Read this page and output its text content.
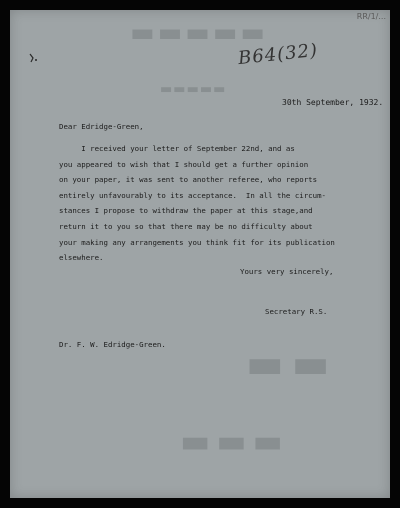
▬▬▬▬▬
▬▬▬▬▬
▬▬
▬▬▬
RR/1/...
B64(32)
30th September, 1932.
Dear Edridge-Green,
I received your letter of September 22nd, and as
you appeared to wish that I should get a further opinion
on your paper, it was sent to another referee, who reports
entirely unfavourably to its acceptance.  In all the circum-
stances I propose to withdraw the paper at this stage,and
return it to you so that there may be no difficulty about
your making any arrangements you think fit for its publication
elsewhere.
Yours very sincerely,
Secretary R.S.
Dr. F. W. Edridge-Green.
